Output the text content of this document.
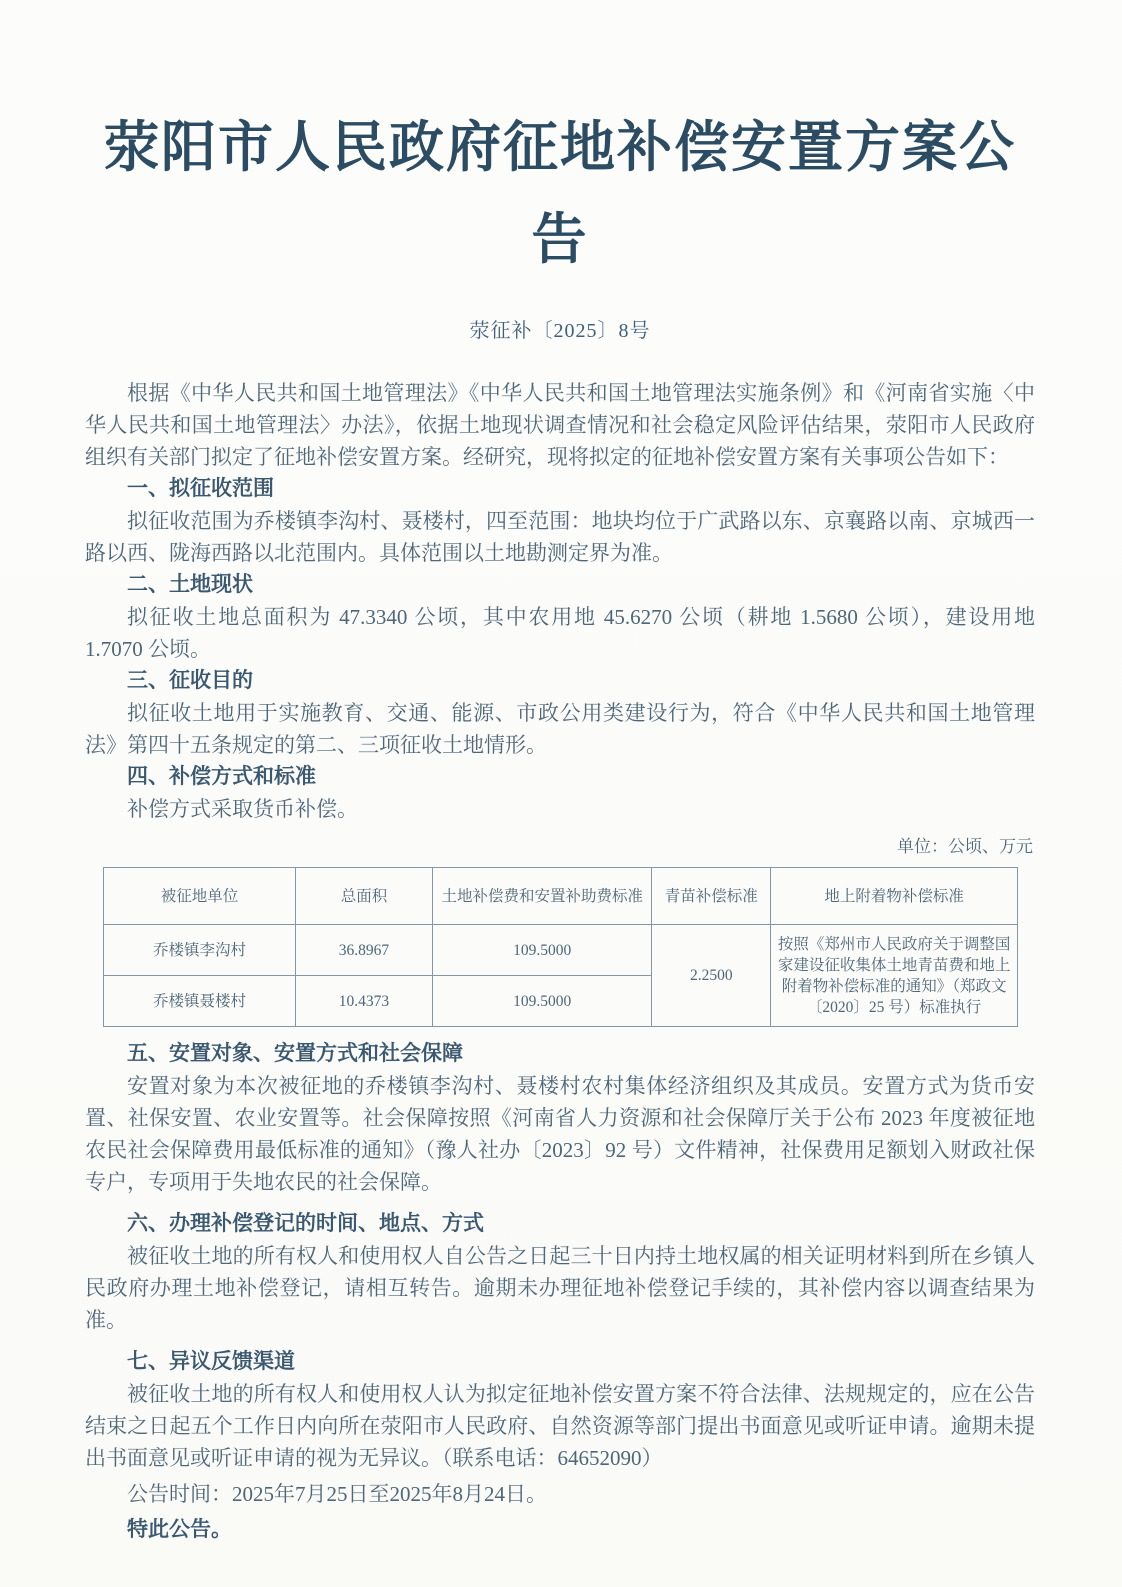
荥阳市人民政府征地补偿安置方案公告
荥征补〔2025〕8号

根据《中华人民共和国土地管理法》《中华人民共和国土地管理法实施条例》和《河南省实施〈中华人民共和国土地管理法〉办法》，依据土地现状调查情况和社会稳定风险评估结果，荥阳市人民政府组织有关部门拟定了征地补偿安置方案。经研究，现将拟定的征地补偿安置方案有关事项公告如下：

一、拟征收范围

拟征收范围为乔楼镇李沟村、聂楼村，四至范围：地块均位于广武路以东、京襄路以南、京城西一路以西、陇海西路以北范围内。具体范围以土地勘测定界为准。

二、土地现状

拟征收土地总面积为 47.3340 公顷，其中农用地 45.6270 公顷（耕地 1.5680 公顷），建设用地 1.7070 公顷。

三、征收目的

拟征收土地用于实施教育、交通、能源、市政公用类建设行为，符合《中华人民共和国土地管理法》第四十五条规定的第二、三项征收土地情形。

四、补偿方式和标准

补偿方式采取货币补偿。

单位：公顷、万元
被征地单位	总面积	土地补偿费和安置补助费标准	青苗补偿标准	地上附着物补偿标准
乔楼镇李沟村	36.8967	109.5000	2.2500	按照《郑州市人民政府关于调整国家建设征收集体土地青苗费和地上附着物补偿标准的通知》（郑政文〔2020〕25 号）标准执行
乔楼镇聂楼村	10.4373	109.5000		

五、安置对象、安置方式和社会保障

安置对象为本次被征地的乔楼镇李沟村、聂楼村农村集体经济组织及其成员。安置方式为货币安置、社保安置、农业安置等。社会保障按照《河南省人力资源和社会保障厅关于公布 2023 年度被征地农民社会保障费用最低标准的通知》（豫人社办〔2023〕92 号）文件精神，社保费用足额划入财政社保专户，专项用于失地农民的社会保障。

六、办理补偿登记的时间、地点、方式

被征收土地的所有权人和使用权人自公告之日起三十日内持土地权属的相关证明材料到所在乡镇人民政府办理土地补偿登记，请相互转告。逾期未办理征地补偿登记手续的，其补偿内容以调查结果为准。

七、异议反馈渠道

被征收土地的所有权人和使用权人认为拟定征地补偿安置方案不符合法律、法规规定的，应在公告结束之日起五个工作日内向所在荥阳市人民政府、自然资源等部门提出书面意见或听证申请。逾期未提出书面意见或听证申请的视为无异议。（联系电话：64652090）

公告时间：2025年7月25日至2025年8月24日。

特此公告。
